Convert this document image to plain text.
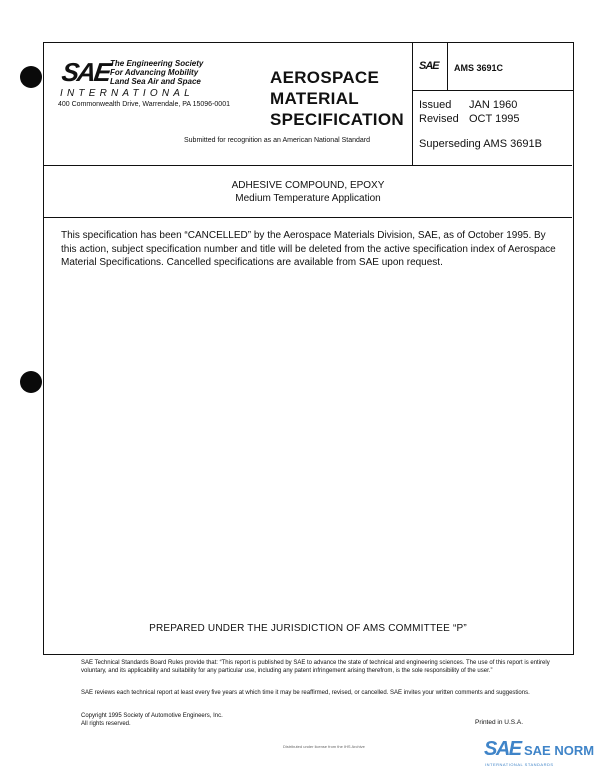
SAE
The Engineering Society
For Advancing Mobility
Land Sea Air and Space
INTERNATIONAL
400 Commonwealth Drive, Warrendale, PA 15096-0001
AEROSPACE
MATERIAL
SPECIFICATION
Submitted for recognition as an American National Standard
SAE AMS 3691C
Issued JAN 1960
Revised OCT 1995
Superseding AMS 3691B
ADHESIVE COMPOUND, EPOXY
Medium Temperature Application
This specification has been “CANCELLED” by the Aerospace Materials Division, SAE, as of October 1995. By this action, subject specification number and title will be deleted from the active specification index of Aerospace Material Specifications. Cancelled specifications are available from SAE upon request.
PREPARED UNDER THE JURISDICTION OF AMS COMMITTEE “P”
SAE Technical Standards Board Rules provide that: “This report is published by SAE to advance the state of technical and engineering sciences. The use of this report is entirely voluntary, and its applicability and suitability for any particular use, including any patent infringement arising therefrom, is the sole responsibility of the user.”
SAE reviews each technical report at least every five years at which time it may be reaffirmed, revised, or cancelled. SAE invites your written comments and suggestions.
Copyright 1995 Society of Automotive Engineers, Inc.
All rights reserved.	Printed in U.S.A.
Distributed under license from the IHS Archive	SAE SAE NORM
INTERNATIONAL STANDARDS
